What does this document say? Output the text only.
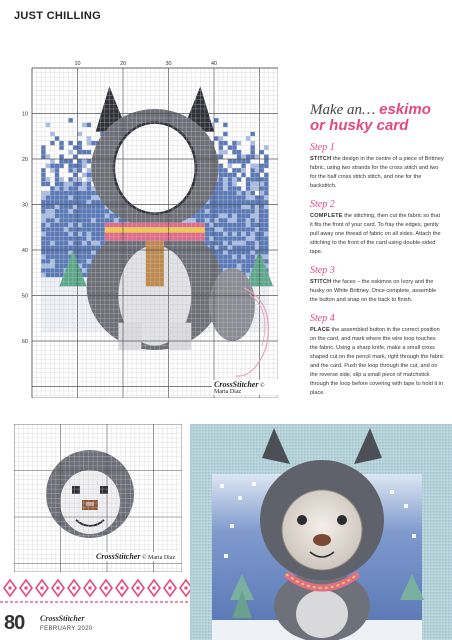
JUST CHILLING
10	20	30	40
10
20
30
40
50
60
CrossStitcher © Maria Diaz
Make an… eskimo
or husky card
Step 1
STITCH the design in the centre of a piece of Brittney fabric, using two strands for the cross stitch and two for the half cross stitch stitch, and one for the backstitch.
Step 2
COMPLETE the stitching, then cut the fabric so that it fits the front of your card. To fray the edges, gently pull away one thread of fabric on all sides. Attach the stitching to the front of the card using double-sided tape.
Step 3
STITCH the faces – the eskimos on Ivory and the husky on White Brittney. Once complete, assemble the button and snap on the back to finish.
Step 4
PLACE the assembled button in the correct position on the card, and mark where the wire loop touches the fabric. Using a sharp knife, make a small cross shaped cut on the pencil mark, right through the fabric and the card. Push the loop through the cut, and on the reverse side, slip a small piece of matchstick through the loop before covering with tape to hold it in place.
CrossStitcher © Maria Diaz
80 CrossStitcher
FEBRUARY 2020
